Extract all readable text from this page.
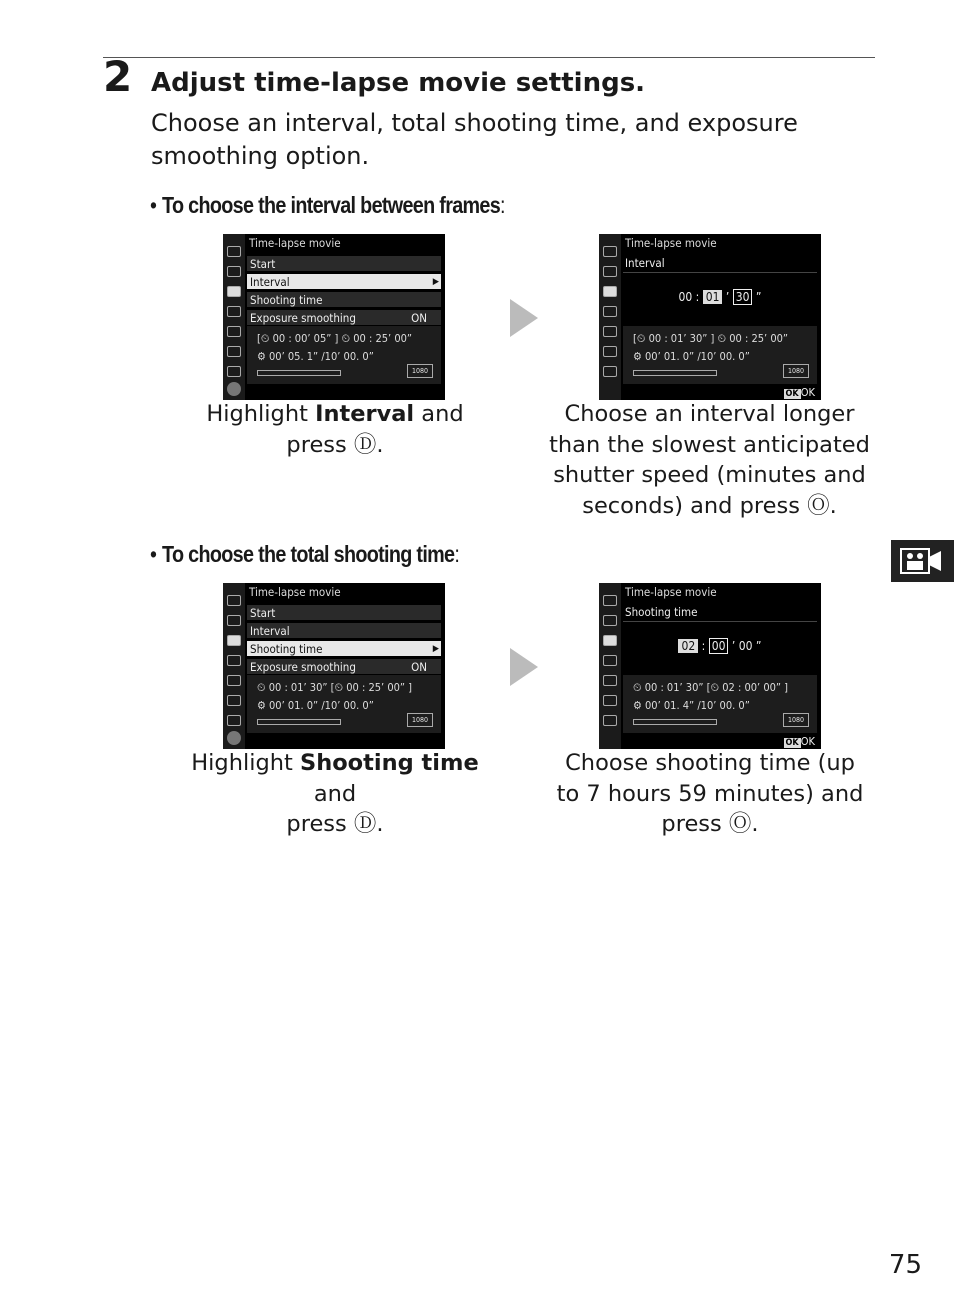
2 Adjust time-lapse movie settings.
Choose an interval, total shooting time, and exposure smoothing option.
• To choose the interval between frames:
Time-lapse movie
Start
Interval	▶
Shooting time
Exposure smoothing	ON
[⏲ 00 : 00’ 05” ] ⏲ 00 : 25’ 00”
⚙ 00’ 05. 1” /10’ 00. 0”
1080
Time-lapse movie
Interval
00 : 01 ’ 30 ”
[⏲ 00 : 01’ 30” ] ⏲ 00 : 25’ 00”
⚙ 00’ 01. 0” /10’ 00. 0”
1080
OK OK
Highlight Interval and
press Ⓓ.
Choose an interval longer than the slowest anticipated shutter speed (minutes and seconds) and press Ⓞ.
• To choose the total shooting time:
Time-lapse movie
Start
Interval
Shooting time	▶
Exposure smoothing	ON
⏲ 00 : 01’ 30” [⏲ 00 : 25’ 00” ]
⚙ 00’ 01. 0” /10’ 00. 0”
1080
Time-lapse movie
Shooting time
02 : 00 ’ 00 ”
⏲ 00 : 01’ 30” [⏲ 02 : 00’ 00” ]
⚙ 00’ 01. 4” /10’ 00. 0”
1080
OK OK
Highlight Shooting time and
press Ⓓ.
Choose shooting time (up to 7 hours 59 minutes) and press Ⓞ.
75
